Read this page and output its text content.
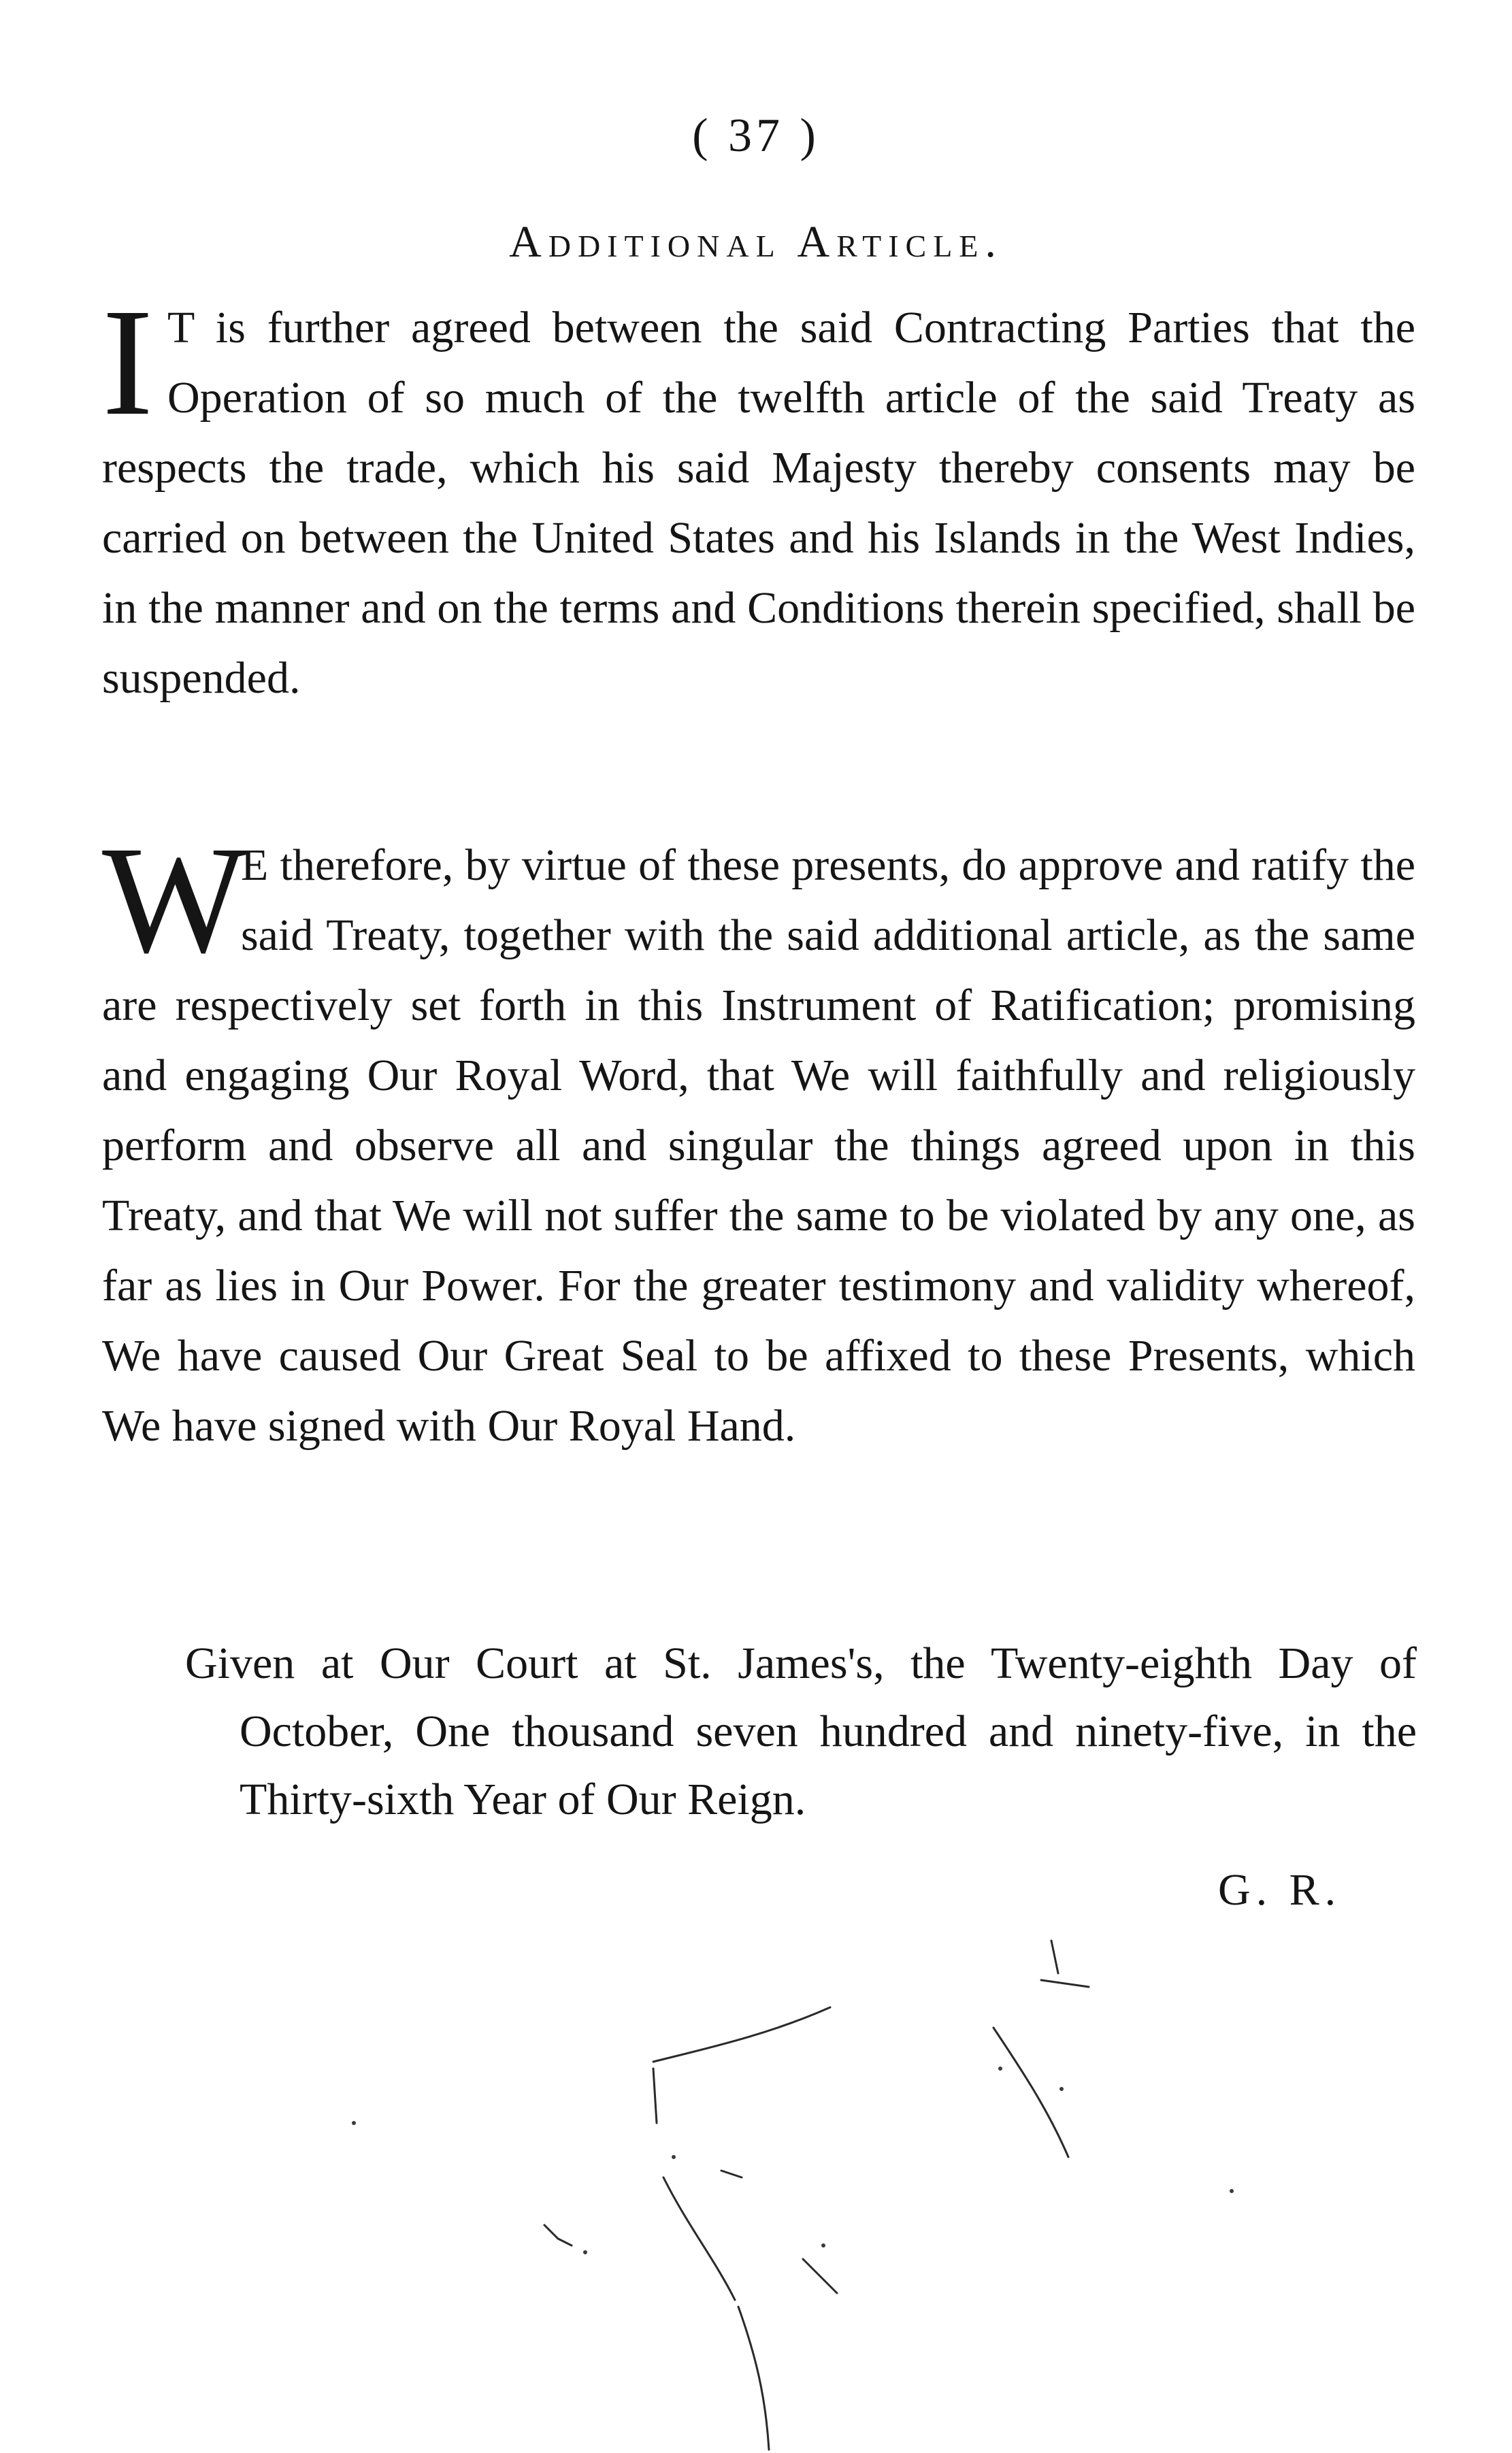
( 37 )
Additional Article.
I T is further agreed between the said Contracting Parties that the Operation of so much of the twelfth article of the said Treaty as respects the trade, which his said Majesty thereby consents may be carried on between the United States and his Islands in the West Indies, in the manner and on the terms and Conditions therein specified, shall be suspended.
W
E therefore, by virtue of these presents, do approve and ratify the said Treaty, together with the said additional article, as the same are respectively set forth in this Instrument of Ratification; promising and engaging Our Royal Word, that We will faithfully and religiously perform and observe all and singular the things agreed upon in this Treaty, and that We will not suffer the same to be violated by any one, as far as lies in Our Power. For the greater testimony and validity whereof, We have caused Our Great Seal to be affixed to these Presents, which We have signed with Our Royal Hand.
Given at Our Court at St. James's, the Twenty-eighth Day of October, One thousand seven hundred and ninety-five, in the Thirty-sixth Year of Our Reign.
G. R.
